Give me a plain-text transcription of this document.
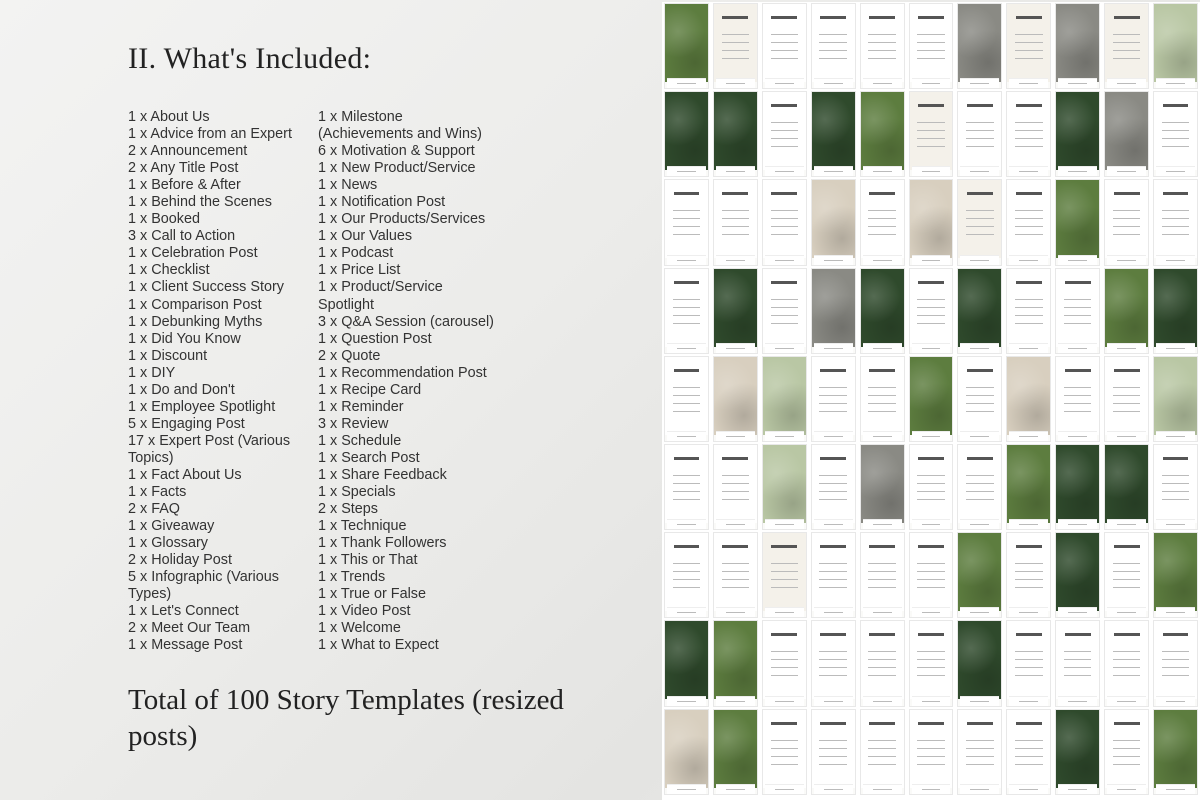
II. What's Included:
1 x About Us
1 x Advice from an Expert
2 x Announcement
2 x Any Title Post
1 x Before & After
1 x Behind the Scenes
1 x Booked
3 x Call to Action
1 x Celebration Post
1 x Checklist
1 x Client Success Story
1 x Comparison Post
1 x Debunking Myths
1 x Did You Know
1 x Discount
1 x DIY
1 x Do and Don't
1 x Employee Spotlight
5 x Engaging Post
17 x Expert Post (Various
Topics)
1 x Fact About Us
1 x Facts
2 x FAQ
1 x Giveaway
1 x Glossary
2 x Holiday Post
5 x Infographic (Various
Types)
1 x Let's Connect
2 x Meet Our Team
1 x Message Post
1 x Milestone
(Achievements and Wins)
6 x Motivation & Support
1 x New Product/Service
1 x News
1 x Notification Post
1 x Our Products/Services
1 x Our Values
1 x Podcast
1 x Price List
1 x Product/Service
Spotlight
3 x Q&A Session (carousel)
1 x Question Post
2 x Quote
1 x Recommendation Post
1 x Recipe Card
1 x Reminder
3 x Review
1 x Schedule
1 x Search Post
1 x Share Feedback
1 x Specials
2 x Steps
1 x Technique
1 x Thank Followers
1 x This or That
1 x Trends
1 x True or False
1 x Video Post
1 x Welcome
1 x What to Expect
Total of 100 Story Templates (resized posts)
